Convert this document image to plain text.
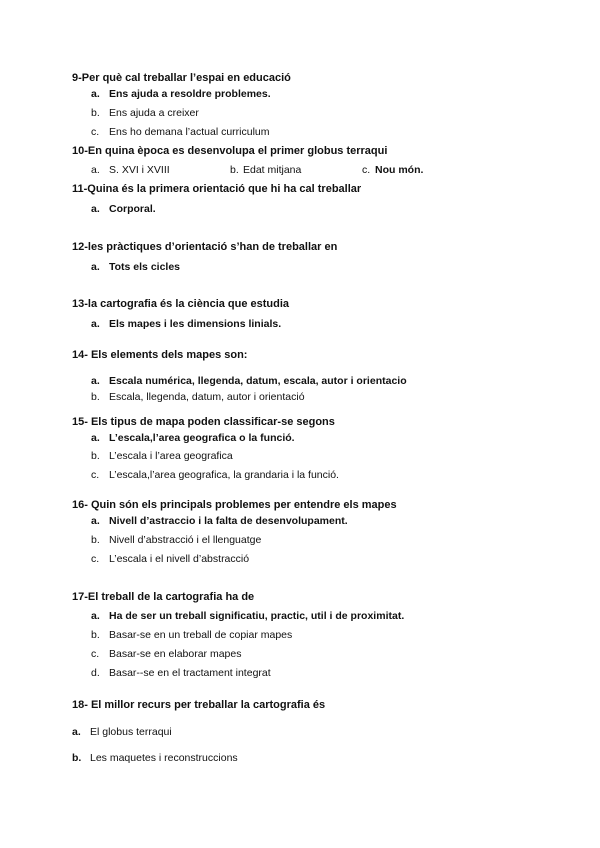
9-Per què cal treballar l’espai en educació
a. Ens ajuda a resoldre problemes.
b. Ens ajuda a creixer
c. Ens ho demana l’actual curriculum
10-En quina època es desenvolupa el primer globus terraqui
a. S. XVI i XVIII	b. Edat mitjana	c. Nou món.
11-Quina és la primera orientació que hi ha cal treballar
a. Corporal.
12-les pràctiques d’orientació s’han de treballar en
a. Tots els cicles
13-la cartografia és la ciència que estudia
a. Els mapes i les dimensions linials.
14- Els elements dels mapes son:
a. Escala numérica, llegenda, datum, escala, autor i orientacio
b. Escala, llegenda, datum, autor i orientació
15- Els tipus de mapa poden classificar-se segons
a. L’escala,l’area geografica o la funció.
b. L’escala i l’area geografica
c. L’escala,l’area geografica, la grandaria i la funció.
16- Quin són els principals problemes per entendre els mapes
a. Nivell d’astraccio i la falta de desenvolupament.
b. Nivell d’abstracció i el llenguatge
c. L’escala i el nivell d’abstracció
17-El treball de la cartografia ha de
a. Ha de ser un treball significatiu, practic, util i de proximitat.
b. Basar-se en un treball de copiar mapes
c. Basar-se en elaborar mapes
d. Basar--se en el tractament integrat
18- El millor recurs per treballar la cartografia és
a. El globus terraqui
b. Les maquetes i reconstruccions
